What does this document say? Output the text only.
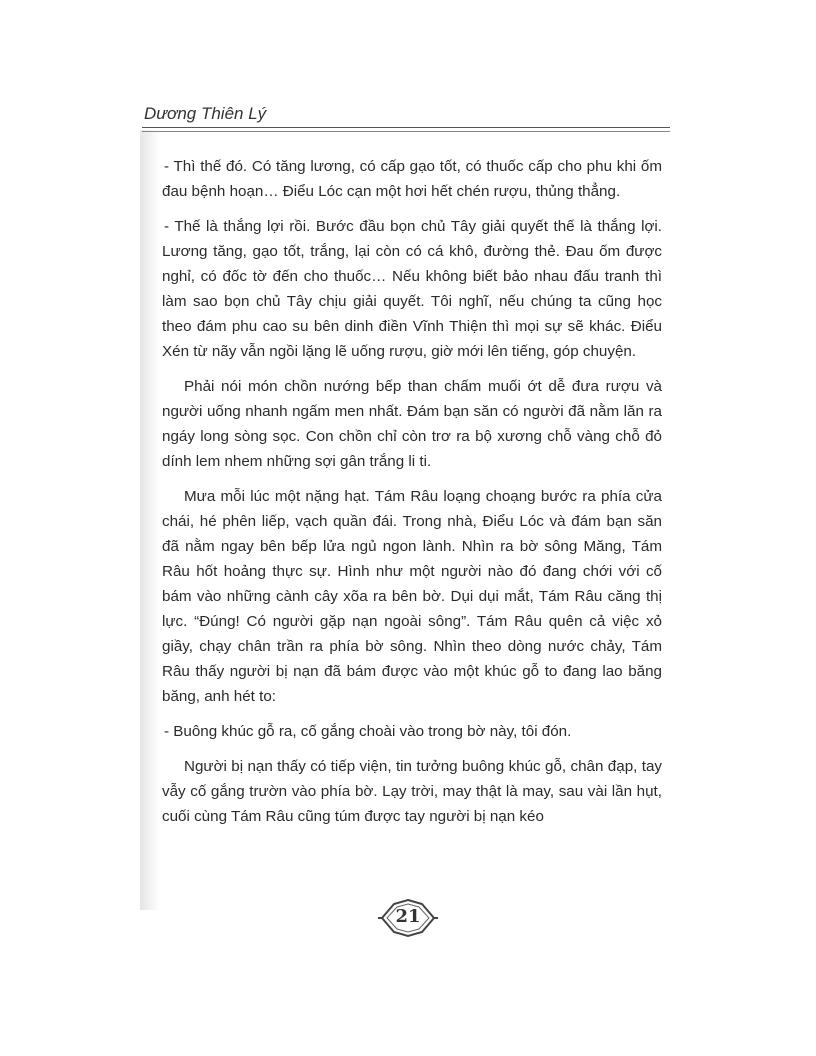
Dương Thiên Lý

- Thì thế đó. Có tăng lương, có cấp gạo tốt, có thuốc cấp cho phu khi ốm đau bệnh hoạn… Điểu Lóc cạn một hơi hết chén rượu, thủng thẳng.

- Thế là thắng lợi rồi. Bước đầu bọn chủ Tây giải quyết thế là thắng lợi. Lương tăng, gạo tốt, trắng, lại còn có cá khô, đường thẻ. Đau ốm được nghỉ, có đốc tờ đến cho thuốc… Nếu không biết bảo nhau đấu tranh thì làm sao bọn chủ Tây chịu giải quyết. Tôi nghĩ, nếu chúng ta cũng học theo đám phu cao su bên dinh điền Vĩnh Thiện thì mọi sự sẽ khác. Điểu Xén từ nãy vẫn ngồi lặng lẽ uống rượu, giờ mới lên tiếng, góp chuyện.

Phải nói món chồn nướng bếp than chấm muối ớt dễ đưa rượu và người uống nhanh ngấm men nhất. Đám bạn săn có người đã nằm lăn ra ngáy long sòng sọc. Con chồn chỉ còn trơ ra bộ xương chỗ vàng chỗ đỏ dính lem nhem những sợi gân trắng li ti.

Mưa mỗi lúc một nặng hạt. Tám Râu loạng choạng bước ra phía cửa chái, hé phên liếp, vạch quần đái. Trong nhà, Điểu Lóc và đám bạn săn đã nằm ngay bên bếp lửa ngủ ngon lành. Nhìn ra bờ sông Măng, Tám Râu hốt hoảng thực sự. Hình như một người nào đó đang chới với cố bám vào những cành cây xõa ra bên bờ. Dụi dụi mắt, Tám Râu căng thị lực. “Đúng! Có người gặp nạn ngoài sông”. Tám Râu quên cả việc xỏ giầy, chạy chân trần ra phía bờ sông. Nhìn theo dòng nước chảy, Tám Râu thấy người bị nạn đã bám được vào một khúc gỗ to đang lao băng băng, anh hét to:

- Buông khúc gỗ ra, cố gắng choài vào trong bờ này, tôi đón.

Người bị nạn thấy có tiếp viện, tin tưởng buông khúc gỗ, chân đạp, tay vẫy cố gắng trườn vào phía bờ. Lạy trời, may thật là may, sau vài lần hụt, cuối cùng Tám Râu cũng túm được tay người bị nạn kéo

21
